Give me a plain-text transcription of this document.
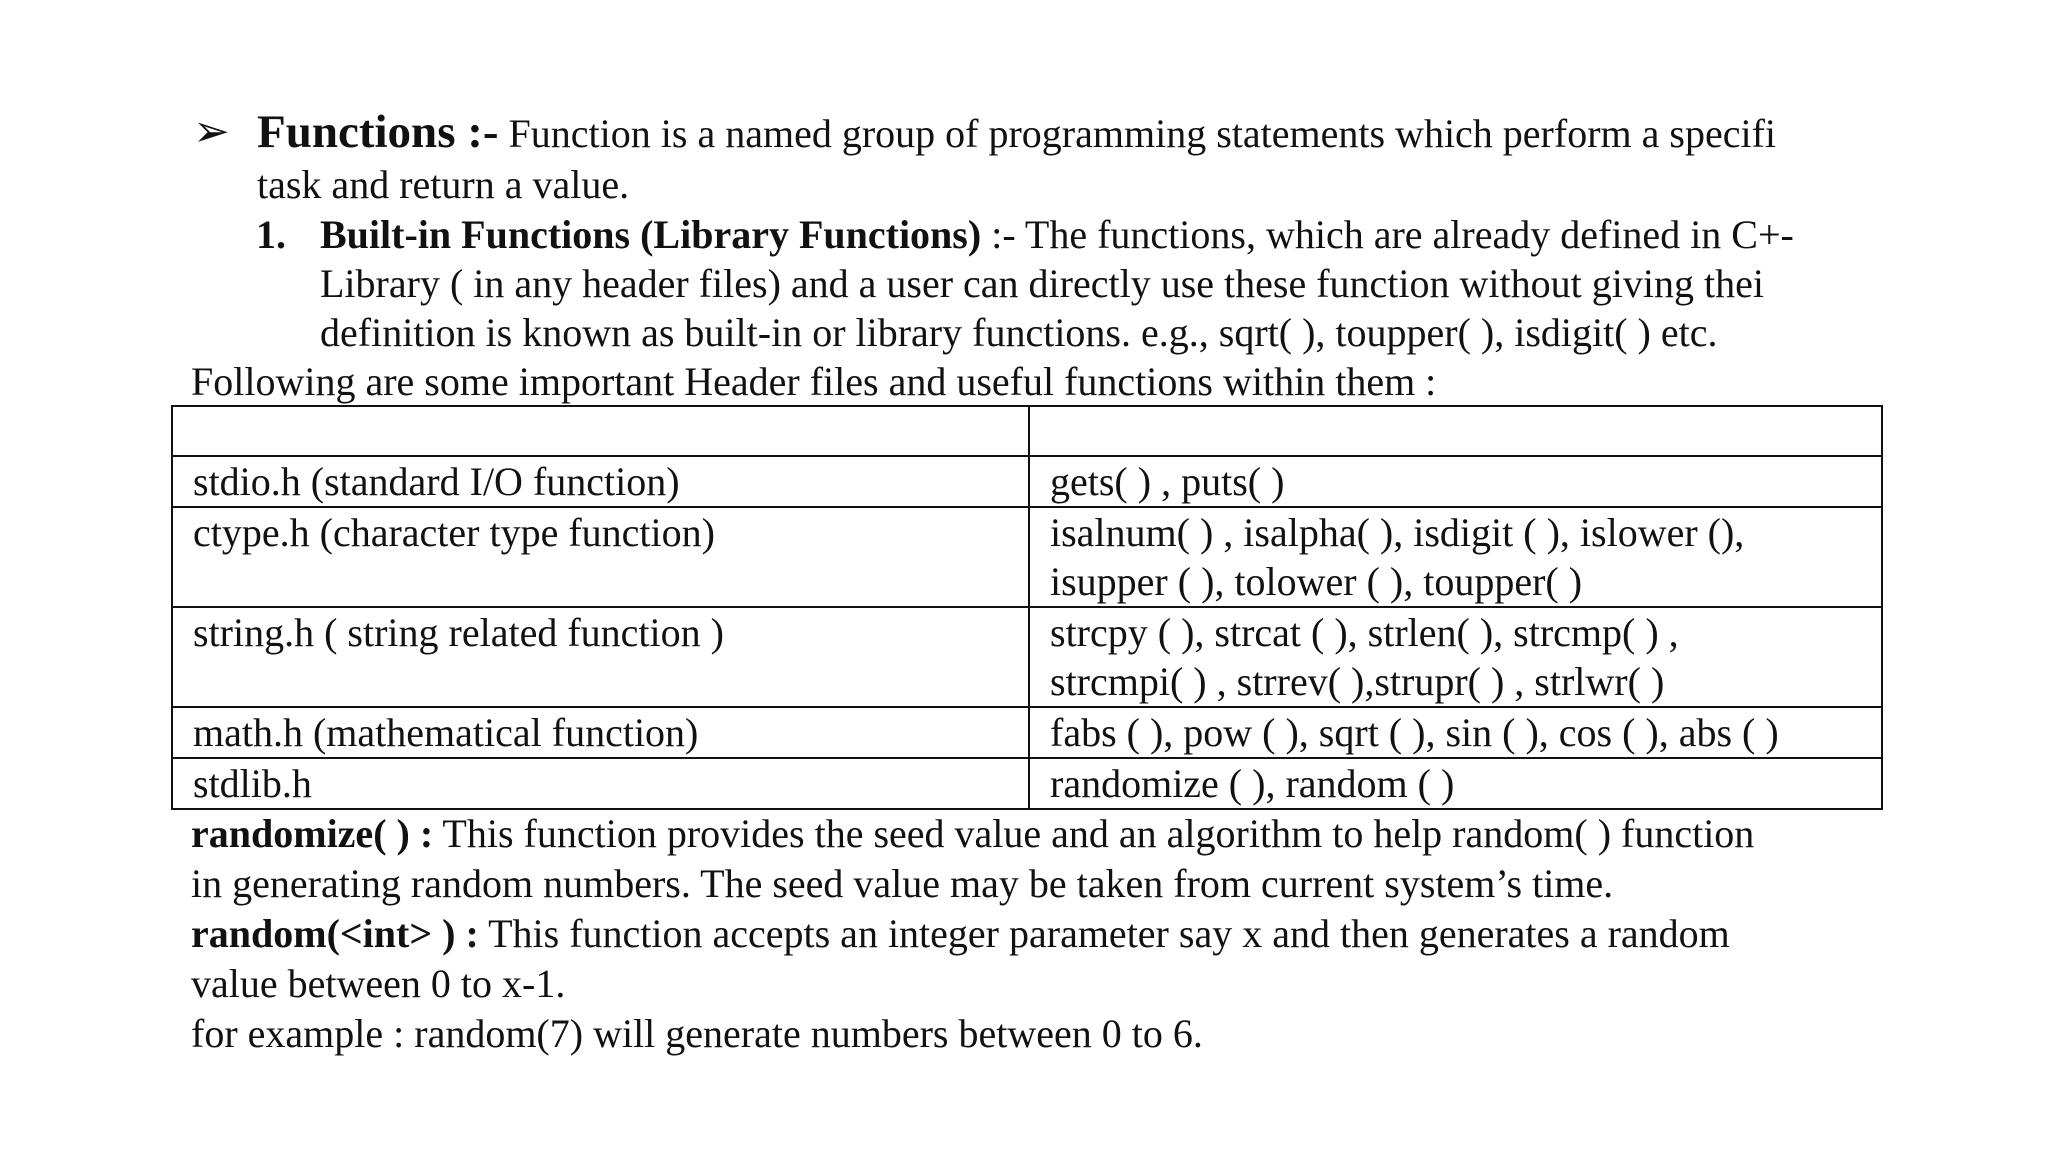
➢ Functions :- Function is a named group of programming statements which perform a specifi
task and return a value.
1. Built-in Functions (Library Functions) :- The functions, which are already defined in C+-
Library ( in any header files) and a user can directly use these function without giving thei
definition is known as built-in or library functions. e.g., sqrt( ), toupper( ), isdigit( ) etc.
Following are some important Header files and useful functions within them :

stdio.h (standard I/O function)	gets( ) , puts( )

ctype.h (character type function)	isalnum( ) , isalpha( ), isdigit ( ), islower (),
isupper ( ), tolower ( ), toupper( )

string.h ( string related function )	strcpy ( ), strcat ( ), strlen( ), strcmp( ) ,
strcmpi( ) , strrev( ),strupr( ) , strlwr( )

math.h (mathematical function)	fabs ( ), pow ( ), sqrt ( ), sin ( ), cos ( ), abs ( )

stdlib.h	randomize ( ), random ( )
randomize( ) : This function provides the seed value and an algorithm to help random( ) function
in generating random numbers. The seed value may be taken from current system’s time.
random(<int> ) : This function accepts an integer parameter say x and then generates a random
value between 0 to x-1.
for example : random(7) will generate numbers between 0 to 6.
